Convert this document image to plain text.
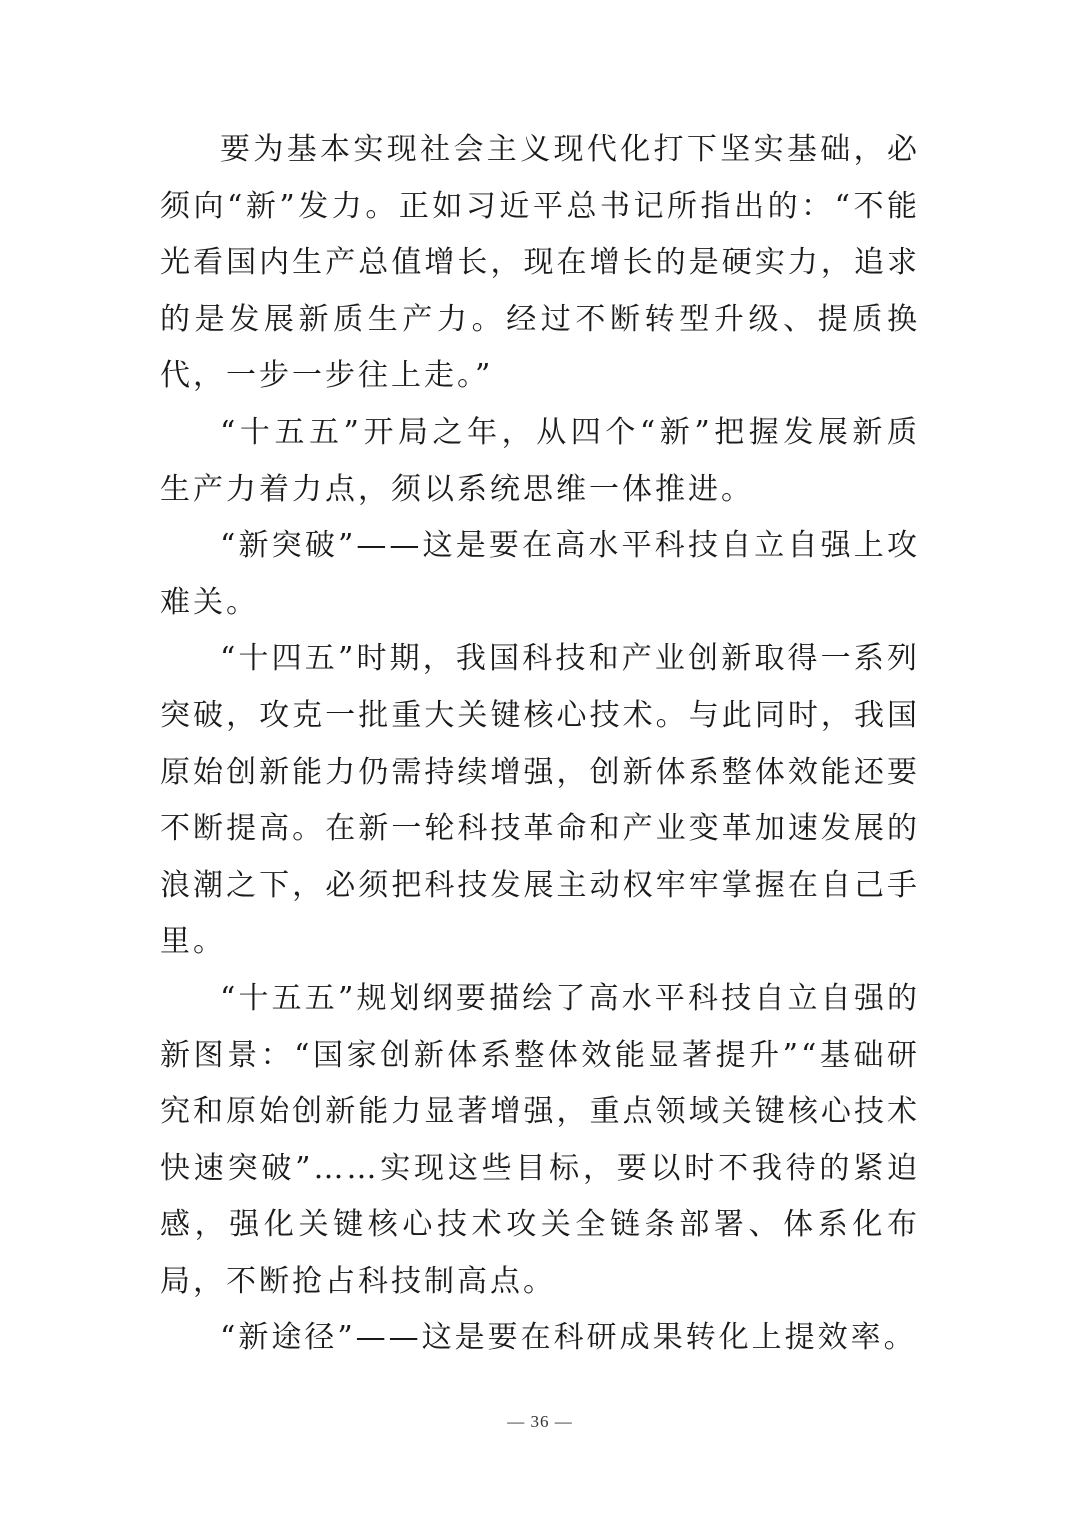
要为基本实现社会主义现代化打下坚实基础，必须向“新”发力。正如习近平总书记所指出的：“不能光看国内生产总值增长，现在增长的是硬实力，追求的是发展新质生产力。经过不断转型升级、提质换代，一步一步往上走。”

“十五五”开局之年，从四个“新”把握发展新质生产力着力点，须以系统思维一体推进。

“新突破”——这是要在高水平科技自立自强上攻难关。

“十四五”时期，我国科技和产业创新取得一系列突破，攻克一批重大关键核心技术。与此同时，我国原始创新能力仍需持续增强，创新体系整体效能还要不断提高。在新一轮科技革命和产业变革加速发展的浪潮之下，必须把科技发展主动权牢牢掌握在自己手里。

“十五五”规划纲要描绘了高水平科技自立自强的新图景：“国家创新体系整体效能显著提升”“基础研究和原始创新能力显著增强，重点领域关键核心技术快速突破”……实现这些目标，要以时不我待的紧迫感，强化关键核心技术攻关全链条部署、体系化布局，不断抢占科技制高点。

“新途径”——这是要在科研成果转化上提效率。

— 36 —
